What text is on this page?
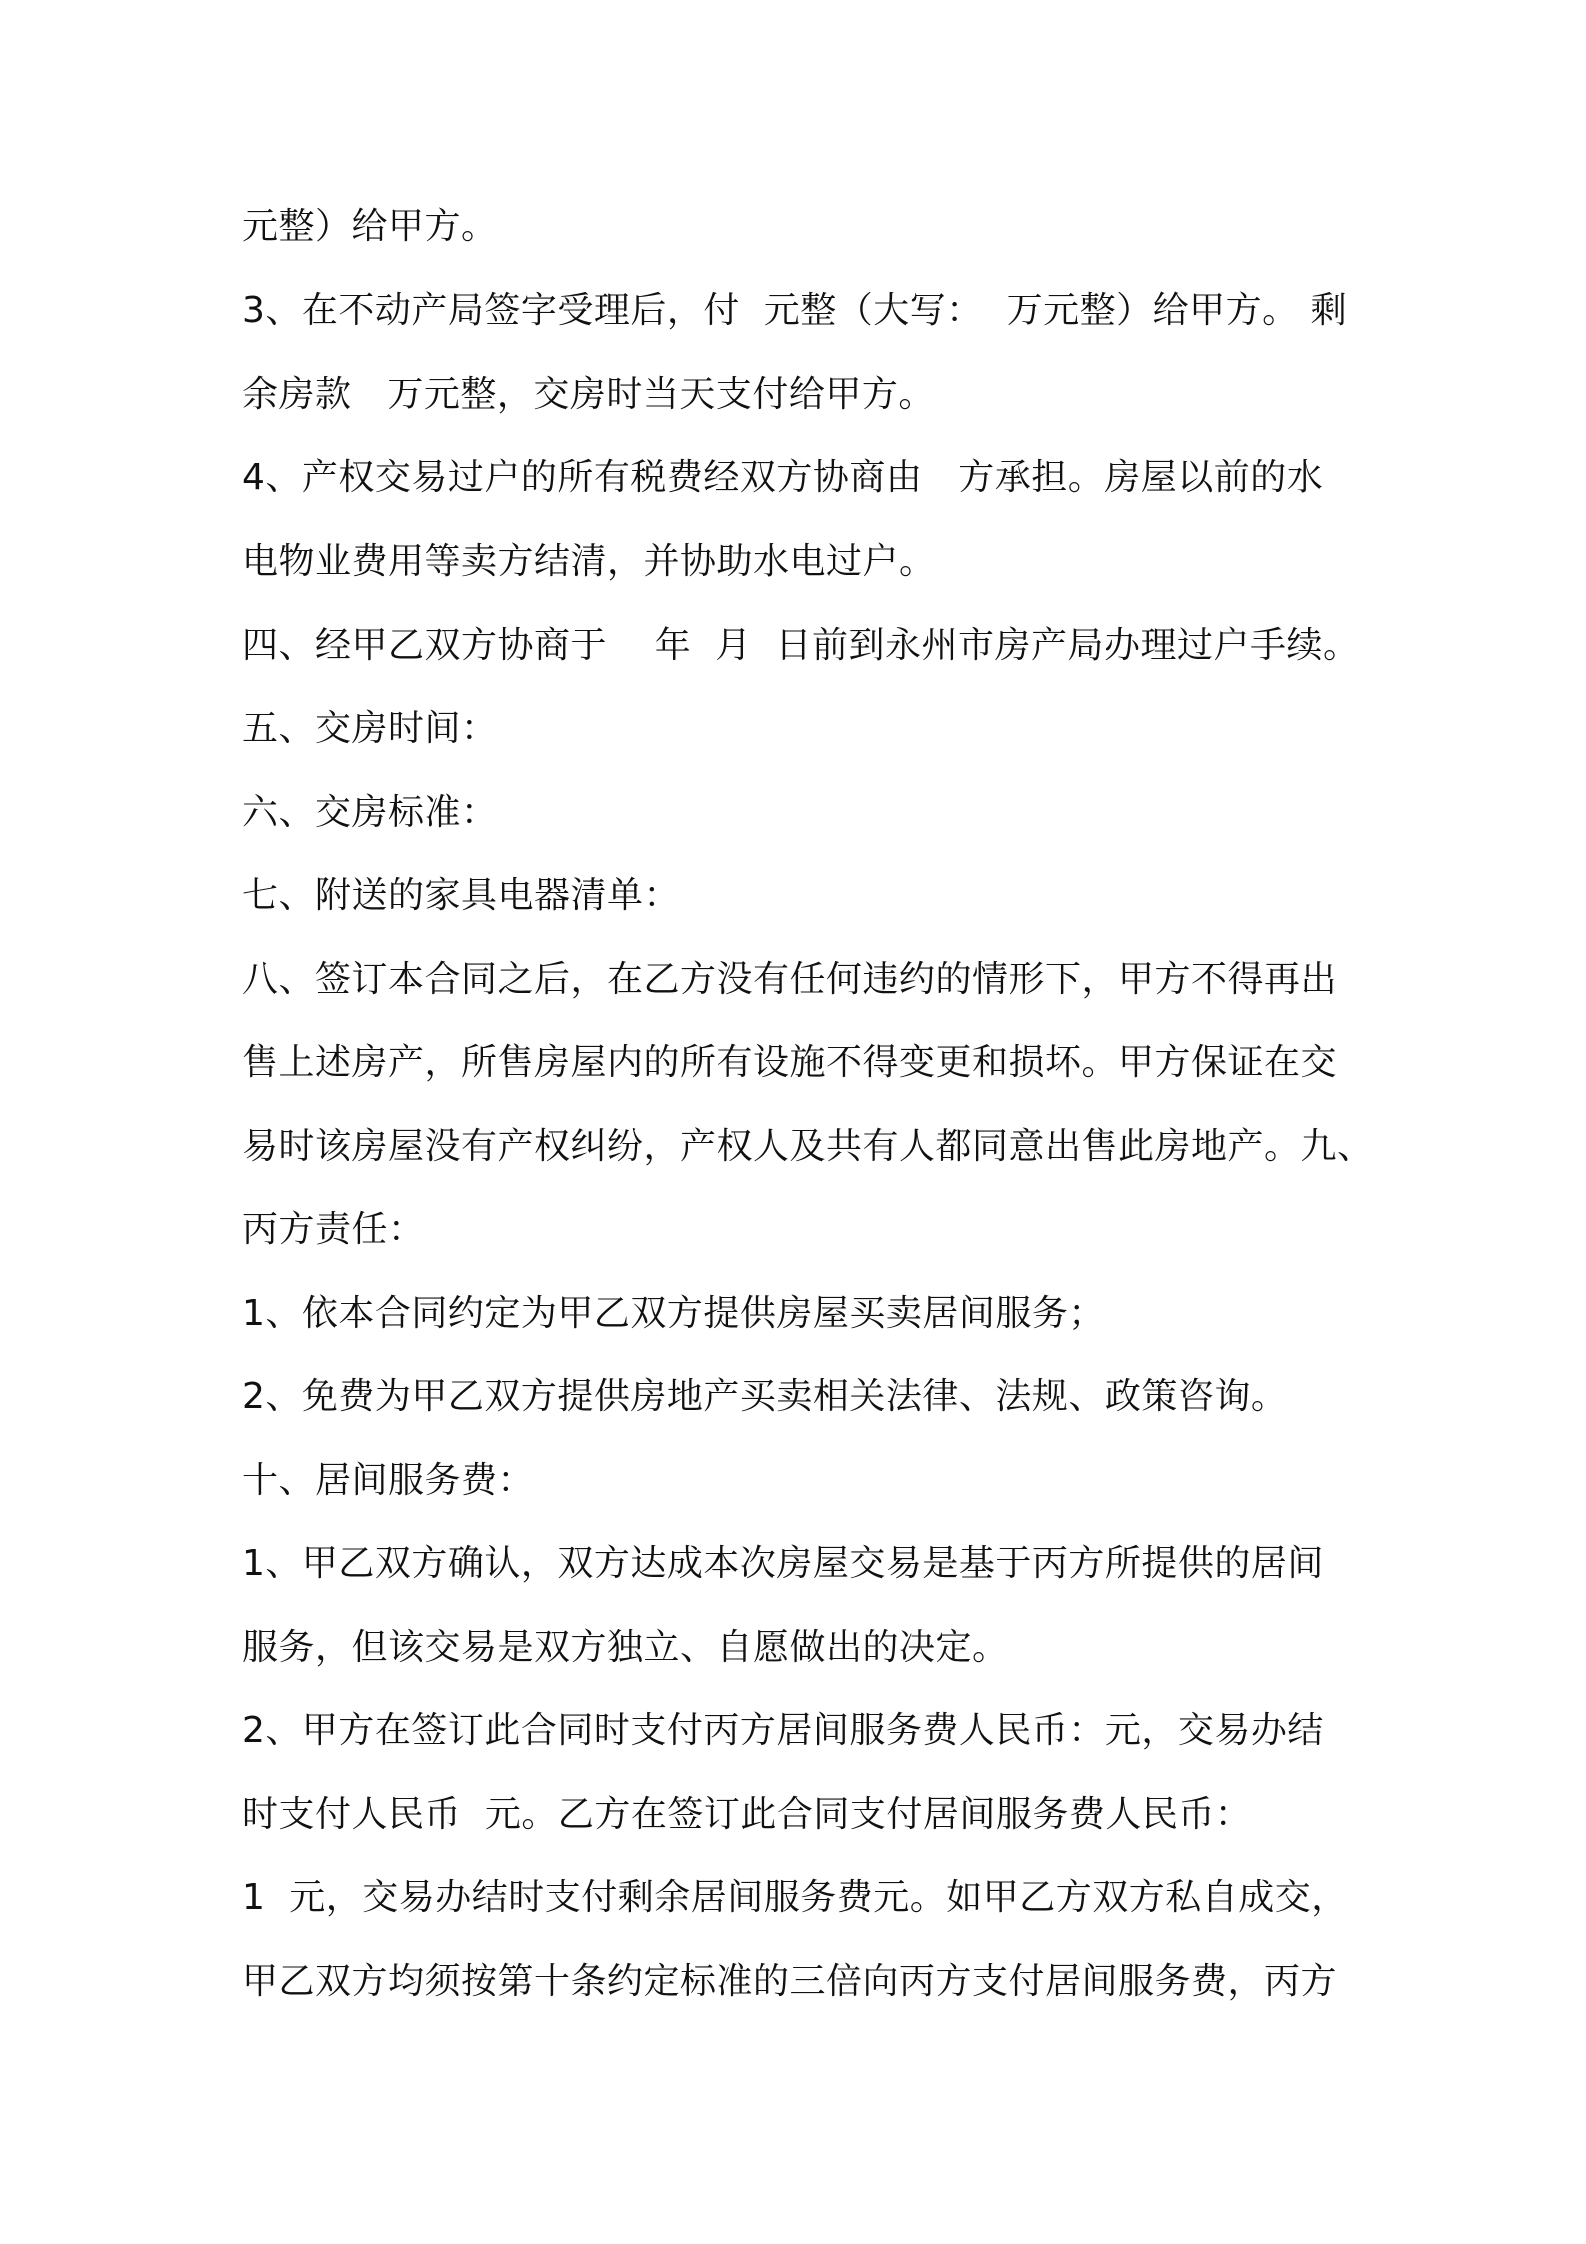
元整）给甲方。
3、在不动产局签字受理后，付  元整（大写：  万元整）给甲方。 剩
余房款   万元整，交房时当天支付给甲方。
4、产权交易过户的所有税费经双方协商由   方承担。房屋以前的水
电物业费用等卖方结清，并协助水电过户。
四、经甲乙双方协商于    年  月  日前到永州市房产局办理过户手续。
五、交房时间：
六、交房标准：
七、附送的家具电器清单：
八、签订本合同之后，在乙方没有任何违约的情形下，甲方不得再出
售上述房产，所售房屋内的所有设施不得变更和损坏。甲方保证在交
易时该房屋没有产权纠纷，产权人及共有人都同意出售此房地产。九、
丙方责任：
1、依本合同约定为甲乙双方提供房屋买卖居间服务；
2、免费为甲乙双方提供房地产买卖相关法律、法规、政策咨询。
十、居间服务费：
1、甲乙双方确认，双方达成本次房屋交易是基于丙方所提供的居间
服务，但该交易是双方独立、自愿做出的决定。
2、甲方在签订此合同时支付丙方居间服务费人民币：元，交易办结
时支付人民币  元。乙方在签订此合同支付居间服务费人民币：
1  元，交易办结时支付剩余居间服务费元。如甲乙方双方私自成交，
甲乙双方均须按第十条约定标准的三倍向丙方支付居间服务费，丙方
